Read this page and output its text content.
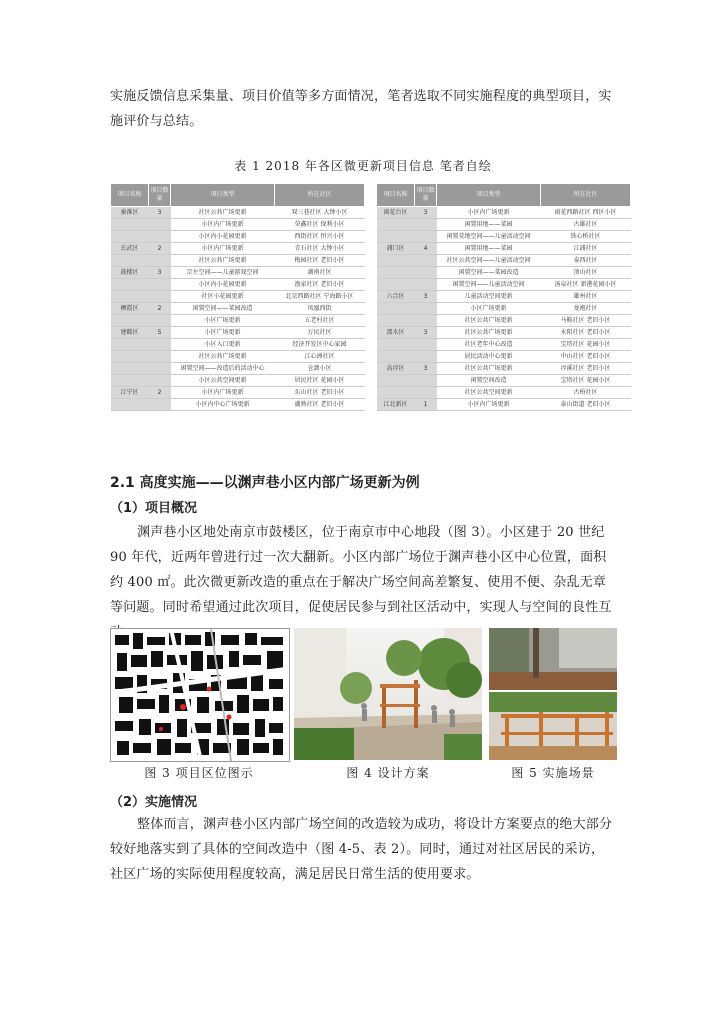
实施反馈信息采集量、项目价值等多方面情况，笔者选取不同实施程度的典型项目，实施评价与总结。
表 1 2018 年各区微更新项目信息 笔者自绘
项目名称	项目数量	项目类型	所在社区
秦淮区	3	社区公共广场更新	双三巷社区 大钟小区
		小区内广场更新	荣鑫社区 保利小区
		小区内小花园更新	西街社区 恒兴小区
玄武区	2	小区内广场更新	青石社区 大钟小区
		社区公共广场更新	梅园社区 老旧小区
鼓楼区	3	宗左空间——儿童游戏空间	湖南社区
		小区内小花园更新	渔家社区 老旧小区
		社区小花园更新	北京西路社区 宁海路小区
栖霞区	2	闲置空间——菜园改造	凤凰西街
		小区广场更新	五老村社区
建邺区	5	小区广场更新	万民社区
		小区入口更新	经济开发区中心家园
		社区公共广场更新	江心洲社区
		闲置空间——改造后的活动中心	仓颉小区
		小区公共空间更新	居民社区 花园小区
江宁区	2	小区内广场更新	东山社区 老旧小区
		小区内中心广场更新	湖熟社区 老旧小区
项目名称	项目数量	项目类型	所在社区
雨花台区	3	小区内广场更新	雨花西路社区 西区小区
		闲置用地——菜园	古雄社区
		闲置荒地空间——儿童活动空间	铁心桥社区
浦口区	4	闲置用地——菜园	江浦社区
		社区公共空间——儿童活动空间	泰西社区
		闲置空间——菜园改造	顶山社区
		闲置空间——儿童活动空间	汤泉社区 新港花园小区
六合区	3	儿童活动空间更新	雄州社区
		小区广场更新	龙袍社区
		社区公共广场更新	马鞍社区 老旧小区
溧水区	3	社区公共广场更新	永阳社区 老旧小区
		社区老年中心改造	宝塔社区 花园小区
		居民活动中心更新	中山社区 老旧小区
高淳区	3	社区公共广场更新	淳溪社区 老旧小区
		闲置空间改造	宝塔社区 花园小区
		社区公共空间更新	古柏社区
江北新区	1	小区内广场更新	泰山街道 老旧小区
2.1 高度实施——以渊声巷小区内部广场更新为例
（1）项目概况
渊声巷小区地处南京市鼓楼区，位于南京市中心地段（图 3）。小区建于 20 世纪 90 年代，近两年曾进行过一次大翻新。小区内部广场位于渊声巷小区中心位置，面积约 400 ㎡。此次微更新改造的重点在于解决广场空间高差繁复、使用不便、杂乱无章等问题。同时希望通过此次项目，促使居民参与到社区活动中，实现人与空间的良性互
图 3 项目区位图示	图 4 设计方案	图 5 实施场景
（2）实施情况
整体而言，渊声巷小区内部广场空间的改造较为成功，将设计方案要点的绝大部分较好地落实到了具体的空间改造中（图 4-5、表 2）。同时，通过对社区居民的采访，社区广场的实际使用程度较高，满足居民日常生活的使用要求。
